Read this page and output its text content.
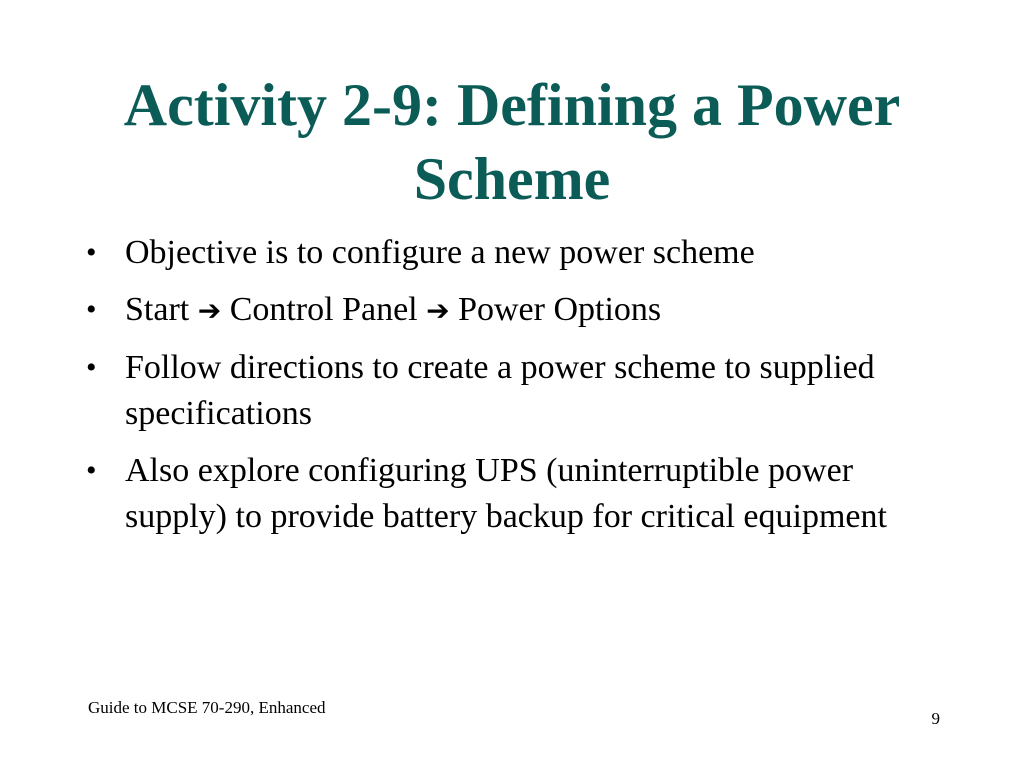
Activity 2-9: Defining a Power Scheme
• Objective is to configure a new power scheme
• Start ➔ Control Panel ➔ Power Options
• Follow directions to create a power scheme to supplied specifications
• Also explore configuring UPS (uninterruptible power supply) to provide battery backup for critical equipment
Guide to MCSE 70-290, Enhanced
9
